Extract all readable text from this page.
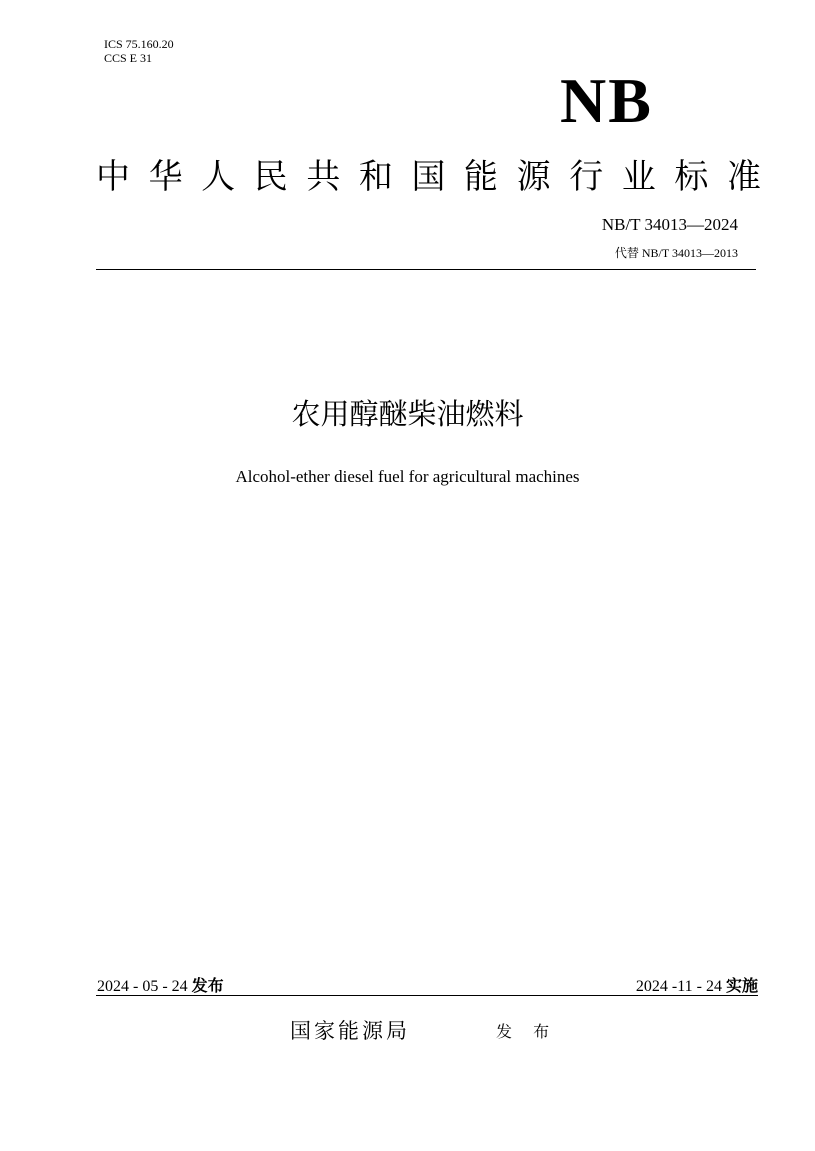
ICS 75.160.20
CCS E 31
NB
中 华 人 民 共 和 国 能 源 行 业 标 准
NB/T 34013—2024
代替 NB/T 34013—2013
农用醇醚柴油燃料
Alcohol-ether diesel fuel for agricultural machines
2024 - 05 - 24 发布	2024 -11 - 24 实施
国家能源局	发 布
